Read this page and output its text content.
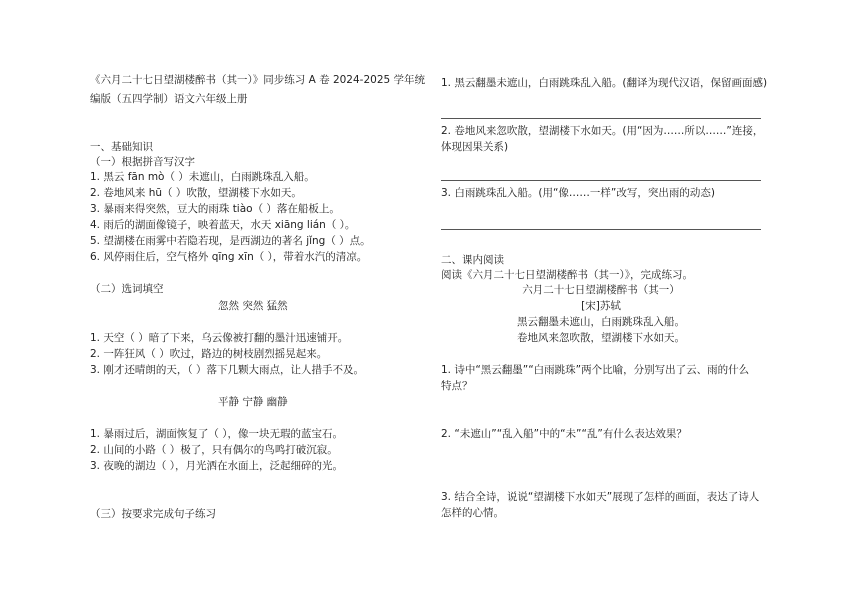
《六月二十七日望湖楼醉书（其一）》同步练习 A 卷 2024-2025 学年统
编版（五四学制）语文六年级上册
一、基础知识
（一）根据拼音写汉字
1. 黑云 fān mò（ ）未遮山，白雨跳珠乱入船。
2. 卷地风来 hū（ ）吹散，望湖楼下水如天。
3. 暴雨来得突然，豆大的雨珠 tiào（ ）落在船板上。
4. 雨后的湖面像镜子，映着蓝天，水天 xiāng lián（ ）。
5. 望湖楼在雨雾中若隐若现，是西湖边的著名 jǐng（ ）点。
6. 风停雨住后，空气格外 qīng xīn（ ），带着水汽的清凉。
（二）选词填空
忽然 突然 猛然
1. 天空（ ）暗了下来，乌云像被打翻的墨汁迅速铺开。
2. 一阵狂风（ ）吹过，路边的树枝剧烈摇晃起来。
3. 刚才还晴朗的天，（ ）落下几颗大雨点，让人措手不及。
平静 宁静 幽静
1. 暴雨过后，湖面恢复了（ ），像一块无瑕的蓝宝石。
2. 山间的小路（ ）极了，只有偶尔的鸟鸣打破沉寂。
3. 夜晚的湖边（ ），月光洒在水面上，泛起细碎的光。
（三）按要求完成句子练习
1. 黑云翻墨未遮山，白雨跳珠乱入船。(翻译为现代汉语，保留画面感)
2. 卷地风来忽吹散，望湖楼下水如天。(用“因为……所以……”连接，
体现因果关系)
3. 白雨跳珠乱入船。(用“像……一样”改写，突出雨的动态)
二、课内阅读
阅读《六月二十七日望湖楼醉书（其一）》，完成练习。
六月二十七日望湖楼醉书（其一）
[宋]苏轼
黑云翻墨未遮山，白雨跳珠乱入船。
卷地风来忽吹散，望湖楼下水如天。
1. 诗中“黑云翻墨”“白雨跳珠”两个比喻，分别写出了云、雨的什么
特点？
2. “未遮山”“乱入船”中的“未”“乱”有什么表达效果？
3. 结合全诗，说说“望湖楼下水如天”展现了怎样的画面，表达了诗人
怎样的心情。
